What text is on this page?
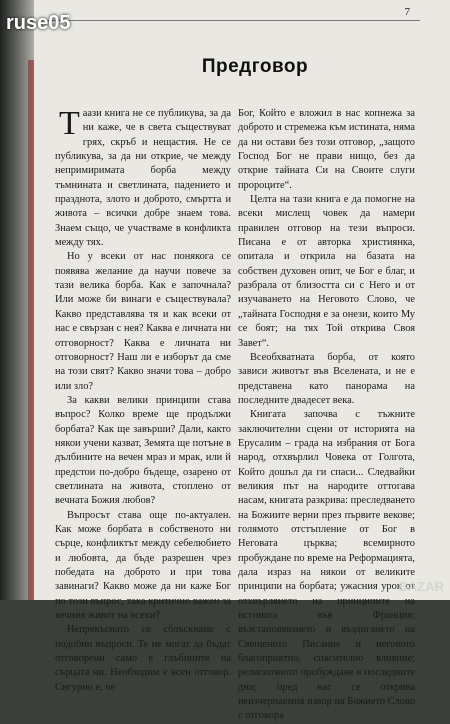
ruse05	7
Предговор

Таази книга не се публикува, за да ни каже, че в света съществуват грях, скръб и нещастия. Не се публикува, за да ни открие, че между непримиримата борба между тъмнината и светлината, падението и празднота, злото и доброто, смъртта и живота – всички добре знаем това. Знаем също, че участваме в конфликта между тях.

Но у всеки от нас понякога се появява желание да научи повече за тази велика борба. Как е започнала? Или може би винаги е съществувала? Какво представлява тя и как всеки от нас е свързан с нея? Каква е личната ни отговорност? Каква е личната ни отговорност? Наш ли е изборът да сме на този свят? Какво значи това – добро или зло?

За какви велики принципи става въпрос? Колко време ще продължи борбата? Как ще завърши? Дали, както някои учени казват, Земята ще потъне в дълбините на вечен мраз и мрак, или й предстои по-добро бъдеще, озарено от светлината на живота, стоплено от вечната Божия любов?

Въпросът става още по-актуален. Как може борбата в собственото ни сърце, конфликтът между себелюбието и любовта, да бъде разрешен чрез победата на доброто и при това завинаги? Какво може да ни каже Бог по този въпрос, така критично важен за вечния живот на всеки?

Непрекъснато се сблъскваме с подобни въпроси. Те не могат да бъдат отговорени само в глъбините на сърцата ни. Необходим е ясен отговор. Сигурно е, че

Бог, Който е вложил в нас копнежа за доброто и стремежа към истината, няма да ни остави без този отговор, „защото Господ Бог не прави нищо, без да открие тайната Си на Своите слуги пророците“.

Целта на тази книга е да помогне на всеки мислещ човек да намери правилен отговор на тези въпроси. Писана е от авторка християнка, опитала и открила на базата на собствен духовен опит, че Бог е благ, и разбрала от близостта си с Него и от изучаването на Неговото Слово, че „тайната Господня е за онези, които Му се боят; на тях Той открива Своя Завет“.

Всеобхватната борба, от която зависи животът във Вселената, и не е представена като панорама на последните двадесет века.

Книгата започва с тъжните заключителни сцени от историята на Ерусалим – града на избрания от Бога народ, отхвърлил Човека от Голгота, Който дошъл да ги спаси... Следвайки великия път на народите оттогава насам, книгата разкрива: преследването на Божиите верни през първите векове; голямото отстъпление от Бог в Неговата църква; всемирното пробуждане по време на Реформацията, дала израз на някои от великите принципи на борбата; ужасния урок от отхвърлянето на принципите на истината във Франция; възстановяването и въздигането на Свещеното Писание и неговото благоприятно, спасително влияние; религиозното пробуждане в последните дни; пред нас се открива неизчерпаемия извор на Божието Слово с отговора

BAZAR
